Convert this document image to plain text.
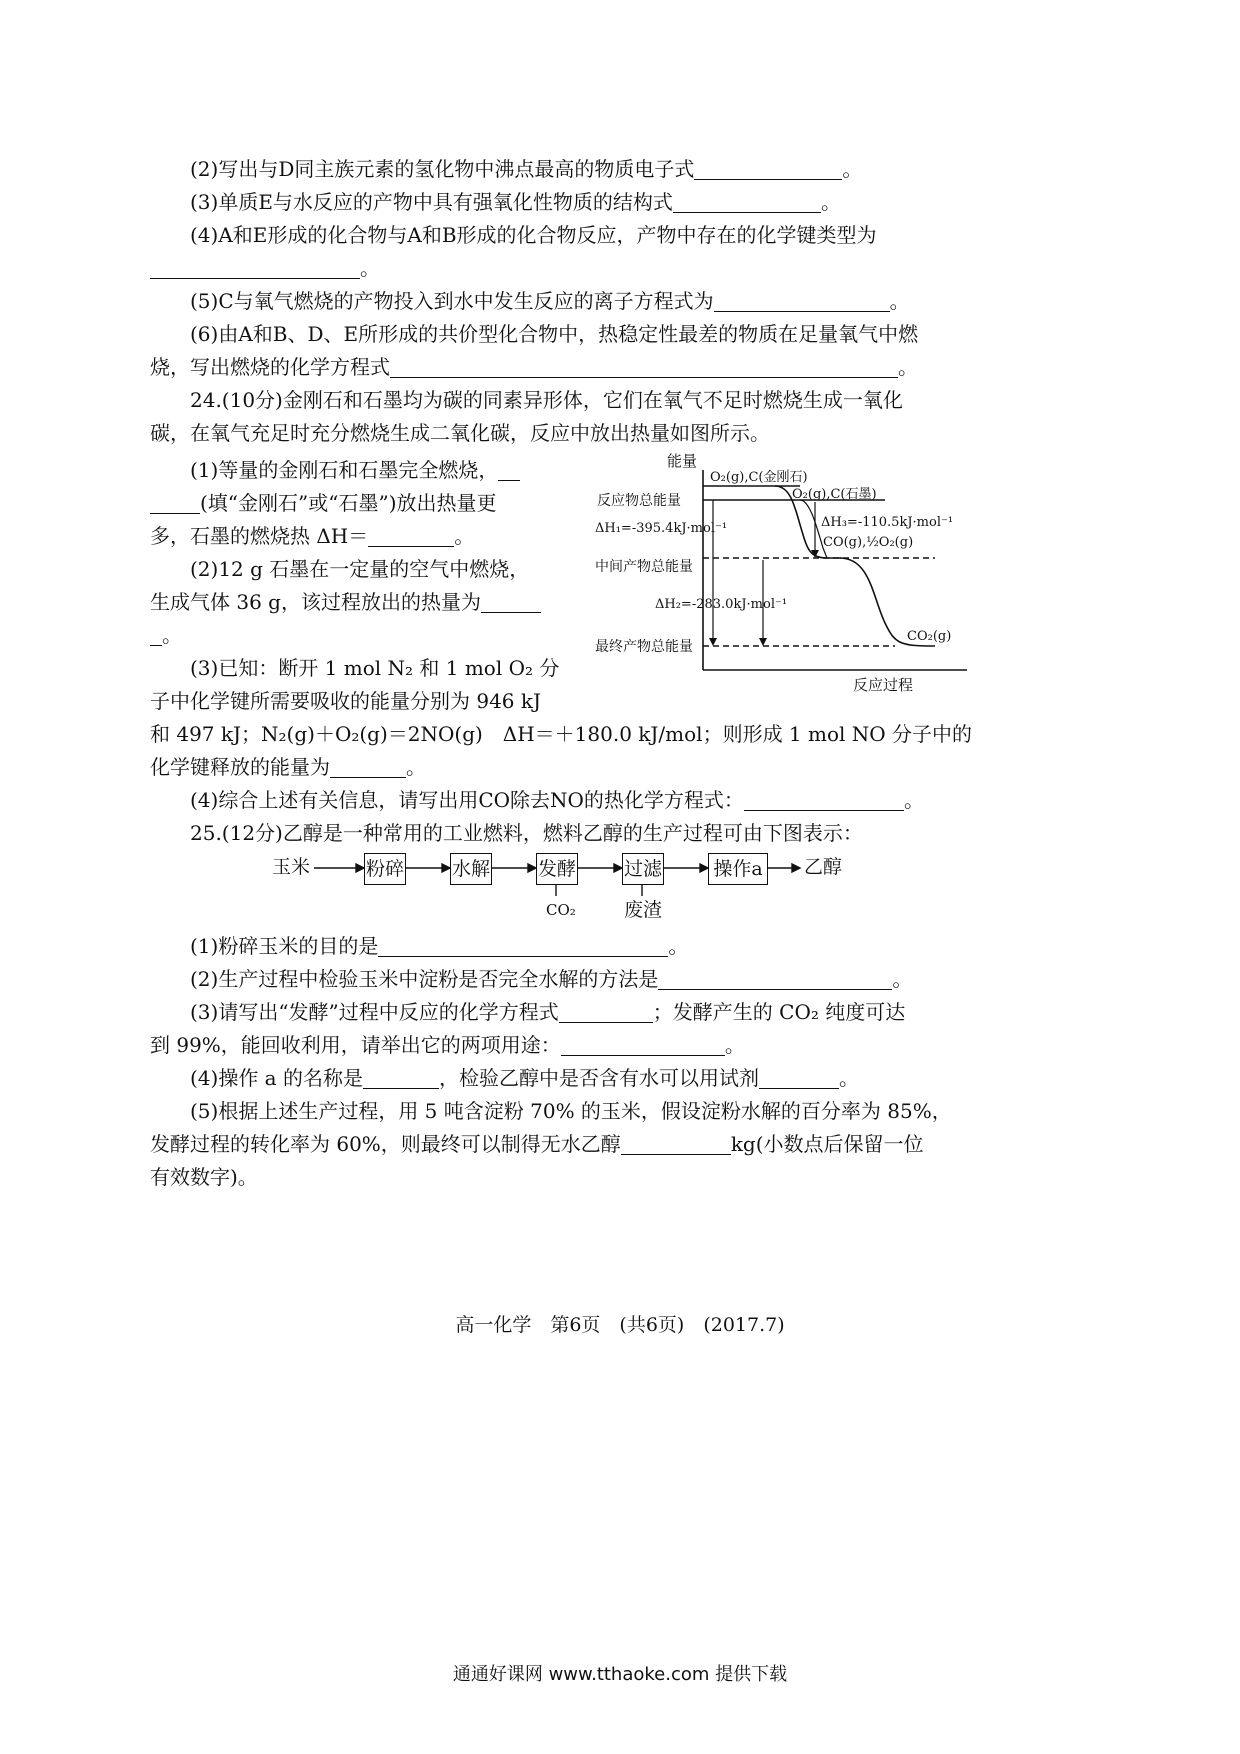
(2)写出与D同主族元素的氢化物中沸点最高的物质电子式	。
(3)单质E与水反应的产物中具有强氧化性物质的结构式	。
(4)A和E形成的化合物与A和B形成的化合物反应，产物中存在的化学键类型为
。
(5)C与氧气燃烧的产物投入到水中发生反应的离子方程式为	。
(6)由A和B、D、E所形成的共价型化合物中，热稳定性最差的物质在足量氧气中燃
烧，写出燃烧的化学方程式	。
24.(10分)金刚石和石墨均为碳的同素异形体，它们在氧气不足时燃烧生成一氧化
碳，在氧气充足时充分燃烧生成二氧化碳，反应中放出热量如图所示。
(1)等量的金刚石和石墨完全燃烧，
(填“金刚石”或“石墨”)放出热量更
多，石墨的燃烧热 ΔH＝	。
(2)12 g 石墨在一定量的空气中燃烧，
生成气体 36 g，该过程放出的热量为
。
(3)已知：断开 1 mol N₂ 和 1 mol O₂ 分
子中化学键所需要吸收的能量分别为 946 kJ
和 497 kJ；N₂(g)＋O₂(g)＝2NO(g)　ΔH＝＋180.0 kJ/mol；则形成 1 mol NO 分子中的
化学键释放的能量为	。
(4)综合上述有关信息，请写出用CO除去NO的热化学方程式：	。
能量
反应过程
反应物总能量
中间产物总能量
最终产物总能量
O₂(g),C(金刚石)
O₂(g),C(石墨)
CO(g),½O₂(g)
CO₂(g)
ΔH₁=-395.4kJ·mol⁻¹
ΔH₂=-283.0kJ·mol⁻¹
ΔH₃=-110.5kJ·mol⁻¹
25.(12分)乙醇是一种常用的工业燃料，燃料乙醇的生产过程可由下图表示：
玉米	粉碎	水解	发酵	过滤	操作a 乙醇
CO₂	废渣
(1)粉碎玉米的目的是	。
(2)生产过程中检验玉米中淀粉是否完全水解的方法是	。
(3)请写出“发酵”过程中反应的化学方程式	；发酵产生的 CO₂ 纯度可达
到 99%，能回收利用，请举出它的两项用途：	。
(4)操作 a 的名称是	，检验乙醇中是否含有水可以用试剂	。
(5)根据上述生产过程，用 5 吨含淀粉 70% 的玉米，假设淀粉水解的百分率为 85%，
发酵过程的转化率为 60%，则最终可以制得无水乙醇	kg(小数点后保留一位
有效数字)。
高一化学　第6页　(共6页)　(2017.7)
通通好课网 www.tthaoke.com 提供下载
